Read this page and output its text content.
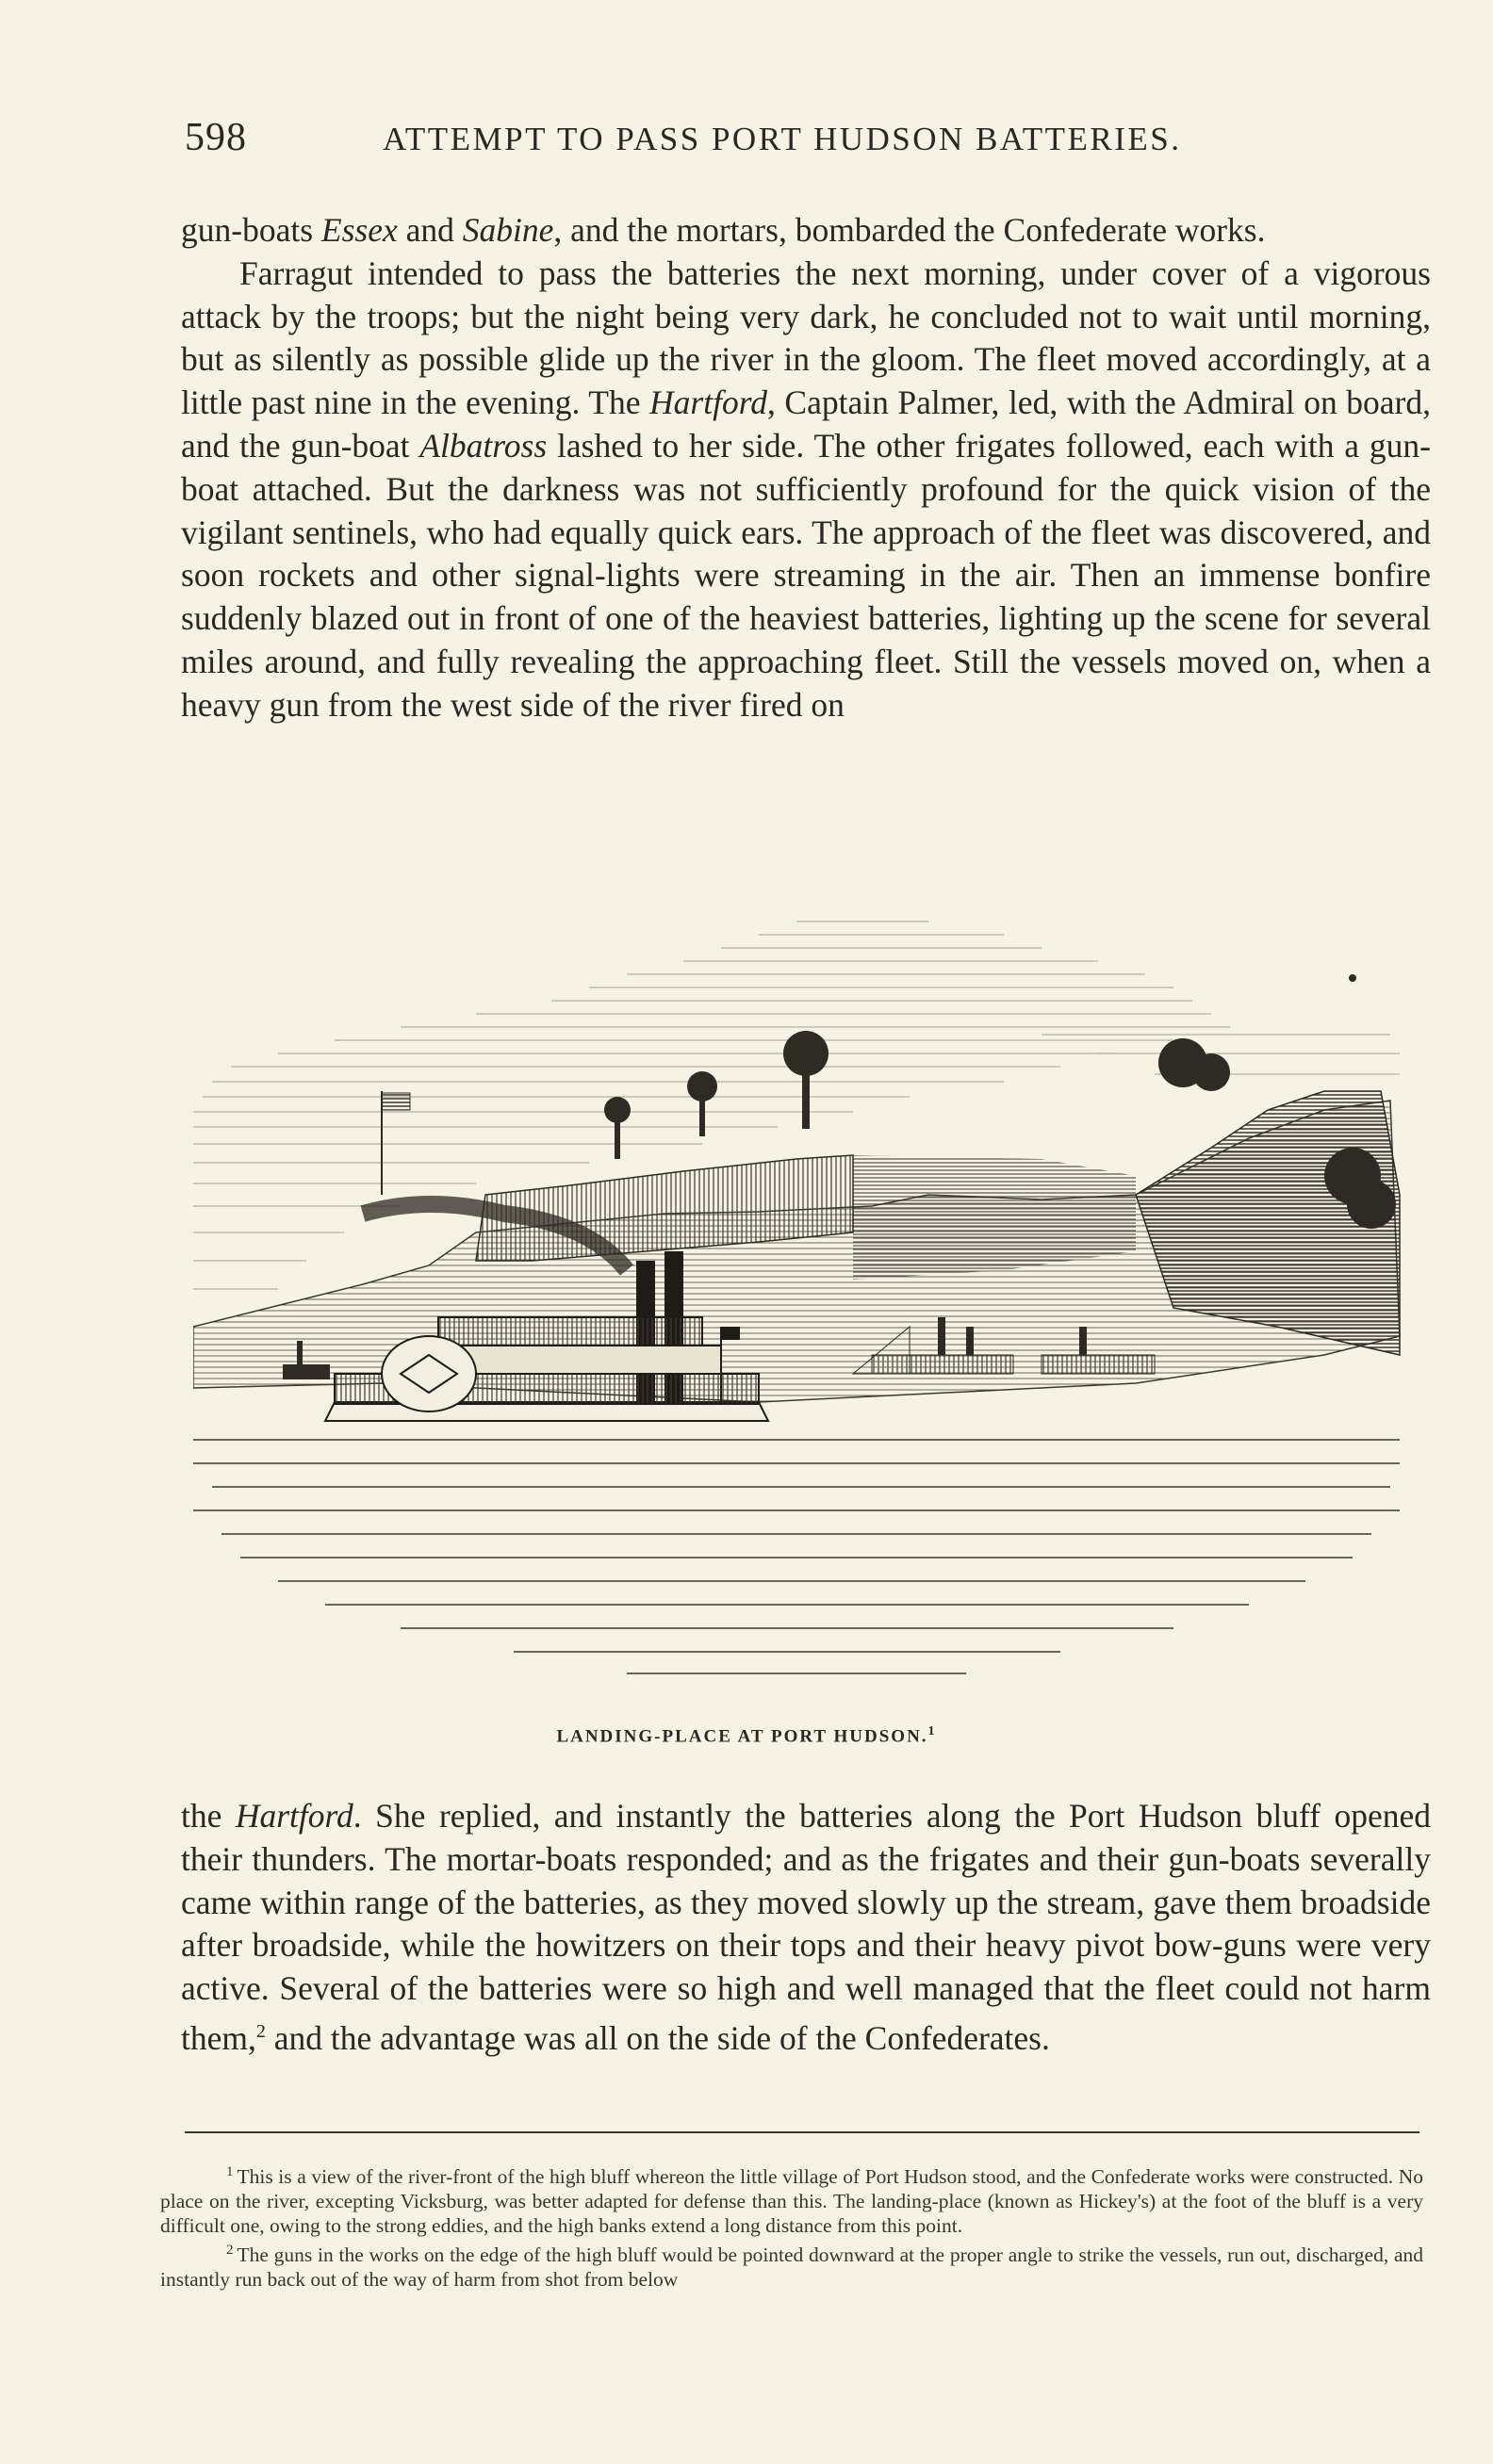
598	ATTEMPT TO PASS PORT HUDSON BATTERIES.

gun-boats Essex and Sabine, and the mortars, bombarded the Confederate works.

Farragut intended to pass the batteries the next morning, under cover of a vigorous attack by the troops; but the night being very dark, he concluded not to wait until morning, but as silently as possible glide up the river in the gloom. The fleet moved accordingly, at a little past nine in the evening. The Hartford, Captain Palmer, led, with the Admiral on board, and the gun-boat Albatross lashed to her side. The other frigates followed, each with a gun-boat attached. But the darkness was not sufficiently profound for the quick vision of the vigilant sentinels, who had equally quick ears. The approach of the fleet was discovered, and soon rockets and other signal-lights were streaming in the air. Then an immense bonfire suddenly blazed out in front of one of the heaviest batteries, lighting up the scene for several miles around, and fully revealing the approaching fleet. Still the vessels moved on, when a heavy gun from the west side of the river fired on

LANDING-PLACE AT PORT HUDSON.$^1$

the Hartford. She replied, and instantly the batteries along the Port Hudson bluff opened their thunders. The mortar-boats responded; and as the frigates and their gun-boats severally came within range of the batteries, as they moved slowly up the stream, gave them broadside after broadside, while the howitzers on their tops and their heavy pivot bow-guns were very active. Several of the batteries were so high and well managed that the fleet could not harm them,$^2$ and the advantage was all on the side of the Confederates.

$^1$ This is a view of the river-front of the high bluff whereon the little village of Port Hudson stood, and the Confederate works were constructed. No place on the river, excepting Vicksburg, was better adapted for defense than this. The landing-place (known as Hickey's) at the foot of the bluff is a very difficult one, owing to the strong eddies, and the high banks extend a long distance from this point.

$^2$ The guns in the works on the edge of the high bluff would be pointed downward at the proper angle to strike the vessels, run out, discharged, and instantly run back out of the way of harm from shot from below
